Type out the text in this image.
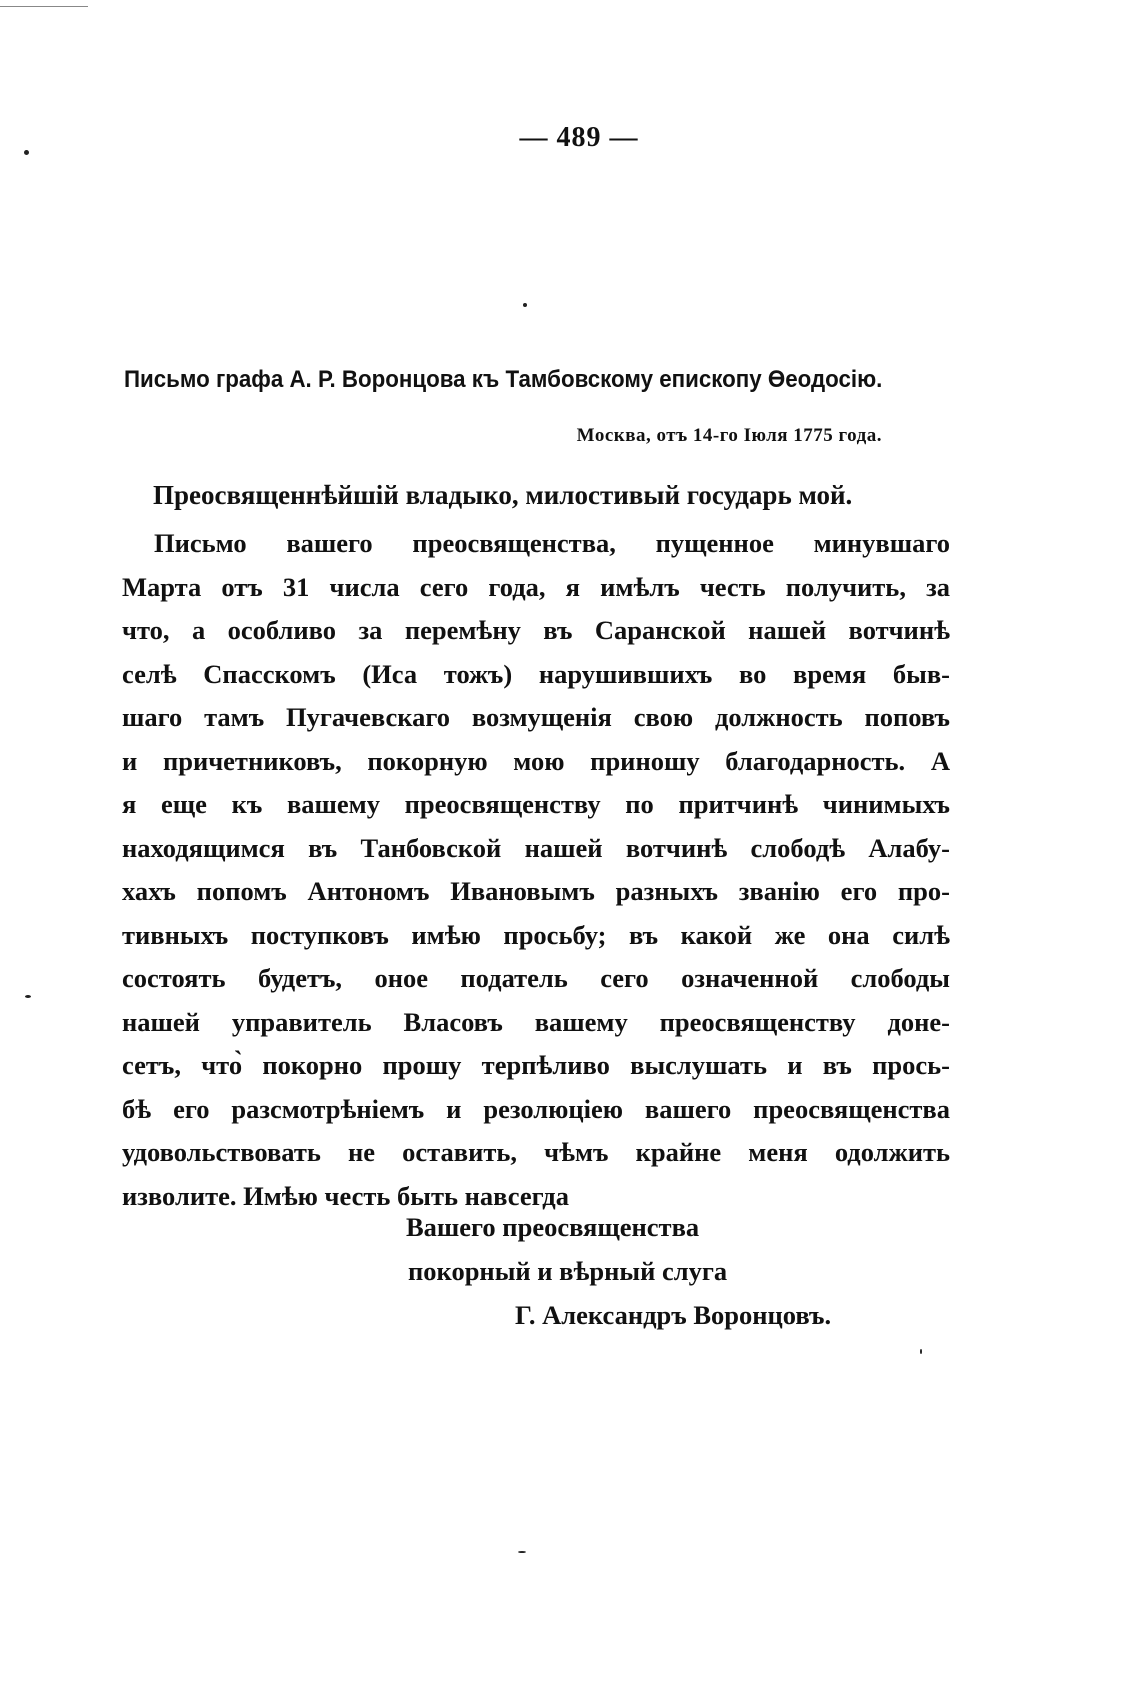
— 489 —
Письмо графа А. Р. Воронцова къ Тамбовскому епископу Өеодосію.
Москва, отъ 14-го Іюля 1775 года.
Преосвященнѣйшій владыко, милостивый государь мой.
Письмо вашего преосвященства, пущенное минувшаго
Марта отъ 31 числа сего года, я имѣлъ честь получить, за
что, а особливо за перемѣну въ Саранской нашей вотчинѣ
селѣ Спасскомъ (Иса тожъ) нарушившихъ во время быв-
шаго тамъ Пугачевскаго возмущенія свою должность поповъ
и причетниковъ, покорную мою приношу благодарность. А
я еще къ вашему преосвященству по притчинѣ чинимыхъ
находящимся въ Танбовской нашей вотчинѣ слободѣ Алабу-
хахъ попомъ Антономъ Ивановымъ разныхъ званію его про-
тивныхъ поступковъ имѣю просьбу; въ какой же она силѣ
состоять будетъ, оное податель сего означенной слободы
нашей управитель Власовъ вашему преосвященству доне-
сетъ, что̀ покорно прошу терпѣливо выслушать и въ прось-
бѣ его разсмотрѣніемъ и резолюціею вашего преосвященства
удовольствовать не оставить, чѣмъ крайне меня одолжить
изволите. Имѣю честь быть навсегда
Вашего преосвященства
покорный и вѣрный слуга
Г. Александръ Воронцовъ.
